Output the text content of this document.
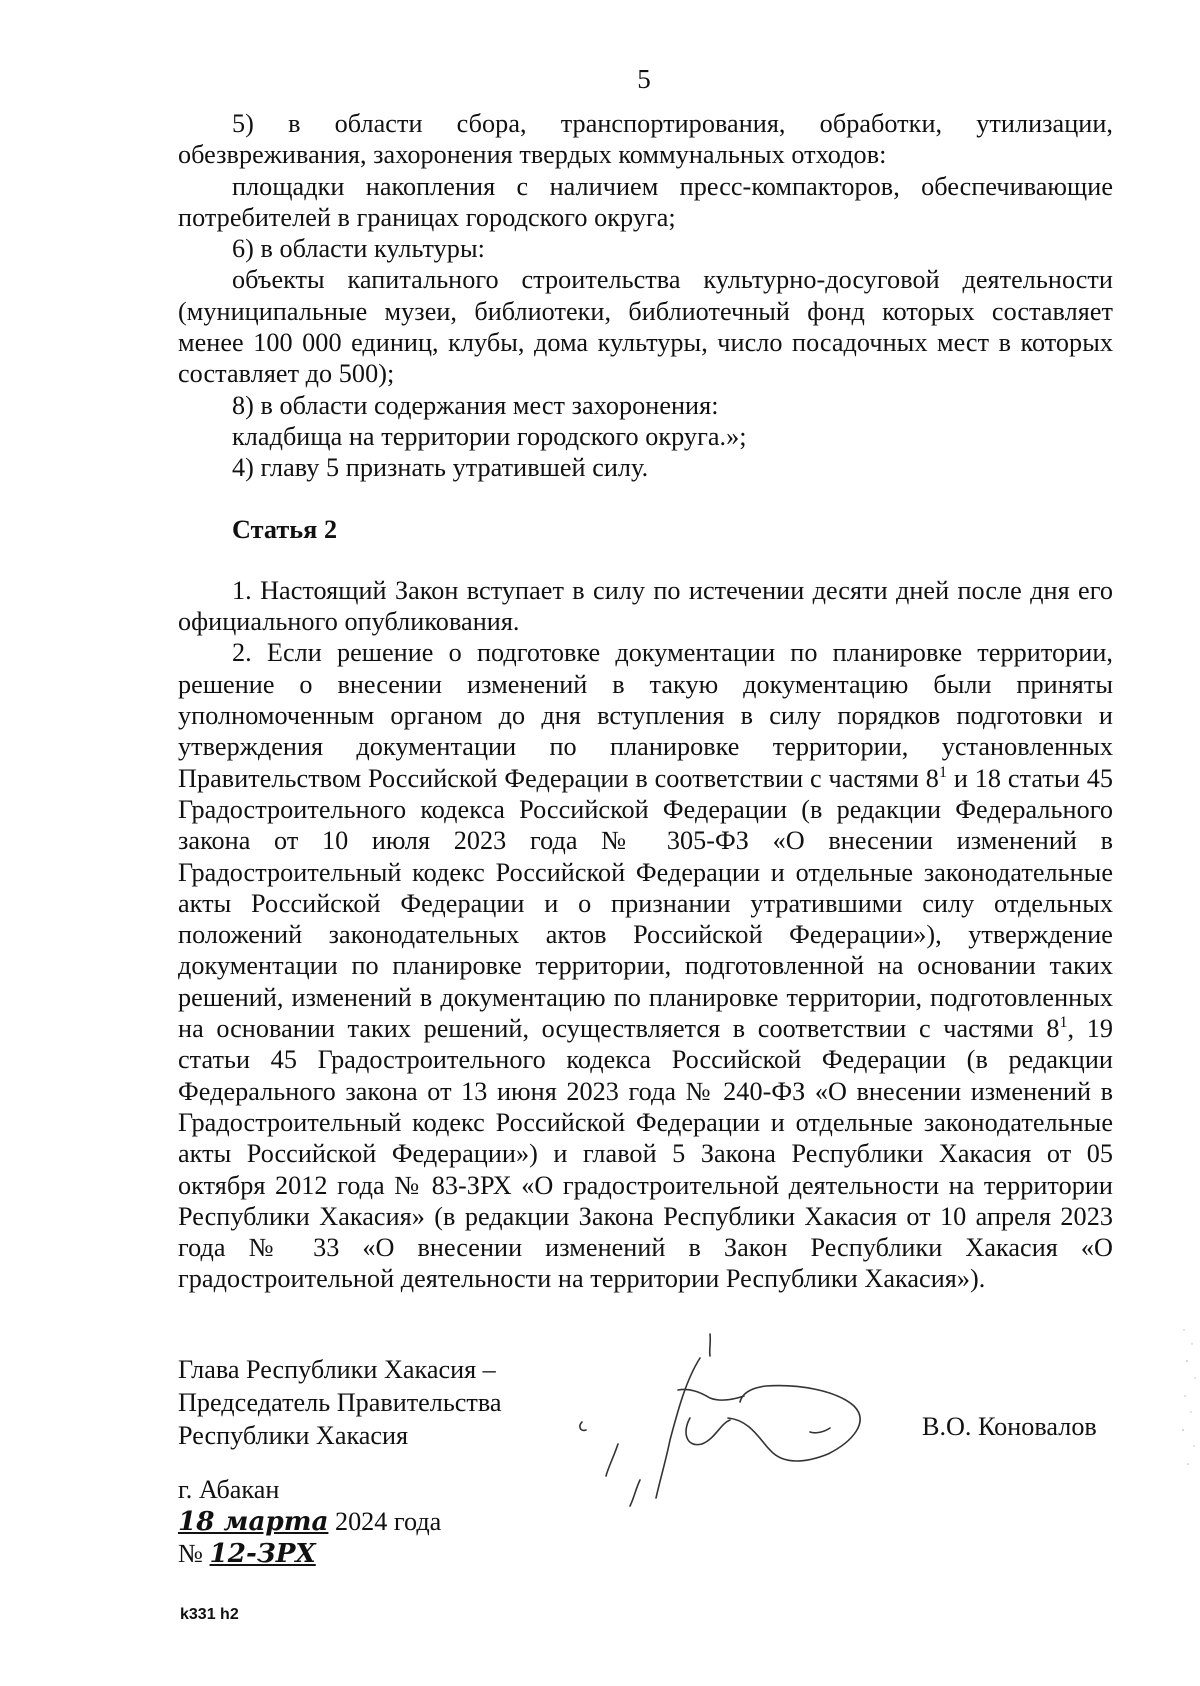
5

5) в области сбора, транспортирования, обработки, утилизации, обезвреживания, захоронения твердых коммунальных отходов:

площадки накопления с наличием пресс-компакторов, обеспечивающие потребителей в границах городского округа;

6) в области культуры:

объекты капитального строительства культурно-досуговой деятельности (муниципальные музеи, библиотеки, библиотечный фонд которых составляет менее 100 000 единиц, клубы, дома культуры, число посадочных мест в которых составляет до 500);

8) в области содержания мест захоронения:

кладбища на территории городского округа.»;

4) главу 5 признать утратившей силу.

Статья 2

1. Настоящий Закон вступает в силу по истечении десяти дней после дня его официального опубликования.

2. Если решение о подготовке документации по планировке территории, решение о внесении изменений в такую документацию были приняты уполномоченным органом до дня вступления в силу порядков подготовки и утверждения документации по планировке территории, установленных Правительством Российской Федерации в соответствии с частями $8^1$ и 18 статьи 45 Градостроительного кодекса Российской Федерации (в редакции Федерального закона от 10 июля 2023 года № 305-ФЗ «О внесении изменений в Градостроительный кодекс Российской Федерации и отдельные законодательные акты Российской Федерации и о признании утратившими силу отдельных положений законодательных актов Российской Федерации»), утверждение документации по планировке территории, подготовленной на основании таких решений, изменений в документацию по планировке территории, подготовленных на основании таких решений, осуществляется в соответствии с частями $8^1$, 19 статьи 45 Градостроительного кодекса Российской Федерации (в редакции Федерального закона от 13 июня 2023 года № 240-ФЗ «О внесении изменений в Градостроительный кодекс Российской Федерации и отдельные законодательные акты Российской Федерации») и главой 5 Закона Республики Хакасия от 05 октября 2012 года № 83-ЗРХ «О градостроительной деятельности на территории Республики Хакасия» (в редакции Закона Республики Хакасия от 10 апреля 2023 года № 33 «О внесении изменений в Закон Республики Хакасия «О градостроительной деятельности на территории Республики Хакасия»).

Глава Республики Хакасия –
Председатель Правительства
Республики Хакасия	В.О. Коновалов
г. Абакан
18 марта 2024 года
№ 12-ЗРХ
k331 h2
